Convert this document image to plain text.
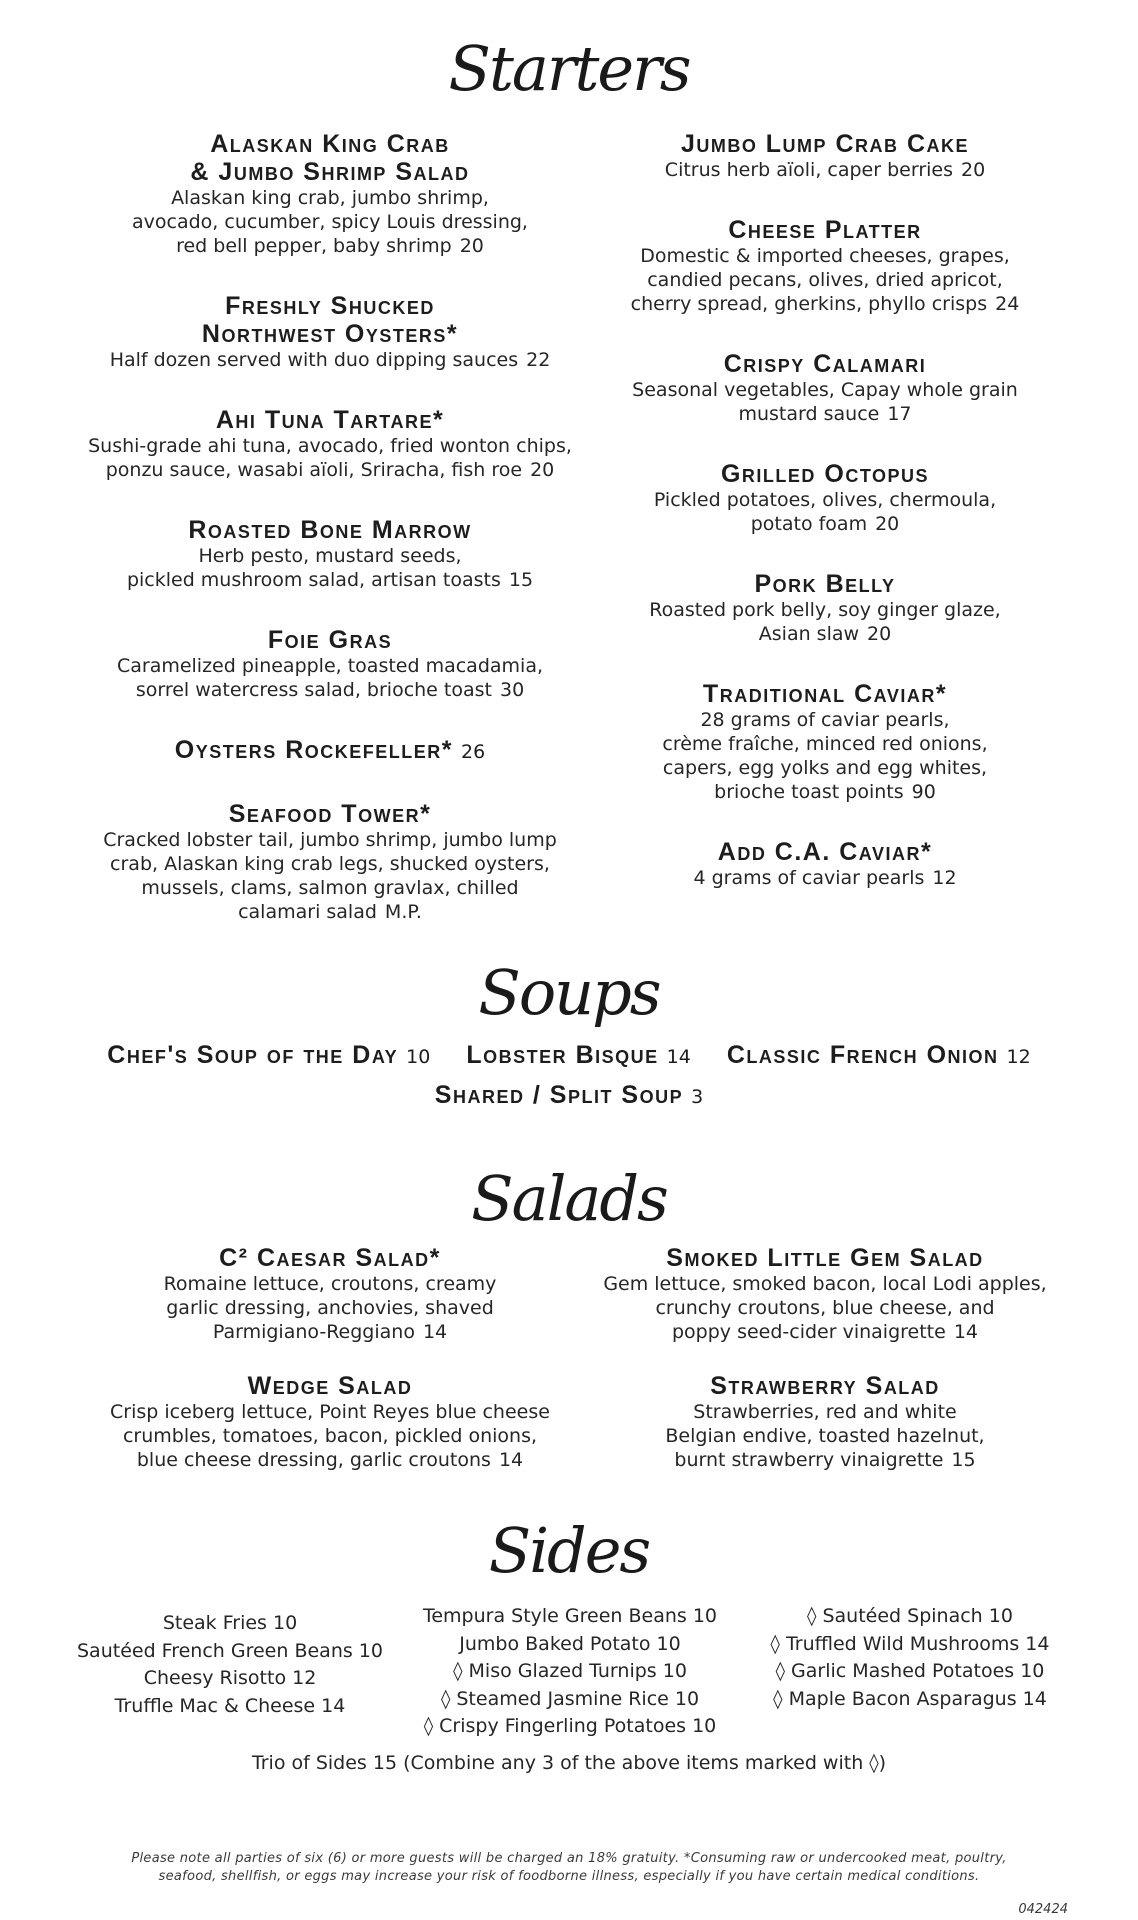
Starters
Soups
Salads
Sides
Alaskan King Crab
& Jumbo Shrimp Salad
Alaskan king crab, jumbo shrimp,
avocado, cucumber, spicy Louis dressing,
red bell pepper, baby shrimp 20
Freshly Shucked
Northwest Oysters*
Half dozen served with duo dipping sauces 22
Ahi Tuna Tartare*
Sushi-grade ahi tuna, avocado, fried wonton chips,
ponzu sauce, wasabi aïoli, Sriracha, fish roe 20
Roasted Bone Marrow
Herb pesto, mustard seeds,
pickled mushroom salad, artisan toasts 15
Foie Gras
Caramelized pineapple, toasted macadamia,
sorrel watercress salad, brioche toast 30
Oysters Rockefeller* 26
Seafood Tower*
Cracked lobster tail, jumbo shrimp, jumbo lump
crab, Alaskan king crab legs, shucked oysters,
mussels, clams, salmon gravlax, chilled
calamari salad M.P.
Jumbo Lump Crab Cake
Citrus herb aïoli, caper berries 20
Cheese Platter
Domestic & imported cheeses, grapes,
candied pecans, olives, dried apricot,
cherry spread, gherkins, phyllo crisps 24
Crispy Calamari
Seasonal vegetables, Capay whole grain
mustard sauce 17
Grilled Octopus
Pickled potatoes, olives, chermoula,
potato foam 20
Pork Belly
Roasted pork belly, soy ginger glaze,
Asian slaw 20
Traditional Caviar*
28 grams of caviar pearls,
crème fraîche, minced red onions,
capers, egg yolks and egg whites,
brioche toast points 90
Add C.A. Caviar*
4 grams of caviar pearls 12
Chef's Soup of the Day 10 Lobster Bisque 14 Classic French Onion 12
Shared / Split Soup 3
C² Caesar Salad*
Romaine lettuce, croutons, creamy
garlic dressing, anchovies, shaved
Parmigiano-Reggiano 14
Wedge Salad
Crisp iceberg lettuce, Point Reyes blue cheese
crumbles, tomatoes, bacon, pickled onions,
blue cheese dressing, garlic croutons 14
Smoked Little Gem Salad
Gem lettuce, smoked bacon, local Lodi apples,
crunchy croutons, blue cheese, and
poppy seed-cider vinaigrette 14
Strawberry Salad
Strawberries, red and white
Belgian endive, toasted hazelnut,
burnt strawberry vinaigrette 15
Steak Fries 10
Sautéed French Green Beans 10
Cheesy Risotto 12
Truffle Mac & Cheese 14
Tempura Style Green Beans 10
Jumbo Baked Potato 10
◊ Miso Glazed Turnips 10
◊ Steamed Jasmine Rice 10
◊ Crispy Fingerling Potatoes 10
◊ Sautéed Spinach 10
◊ Truffled Wild Mushrooms 14
◊ Garlic Mashed Potatoes 10
◊ Maple Bacon Asparagus 14
Trio of Sides 15 (Combine any 3 of the above items marked with ◊)
Please note all parties of six (6) or more guests will be charged an 18% gratuity. *Consuming raw or undercooked meat, poultry,
seafood, shellfish, or eggs may increase your risk of foodborne illness, especially if you have certain medical conditions.
042424
